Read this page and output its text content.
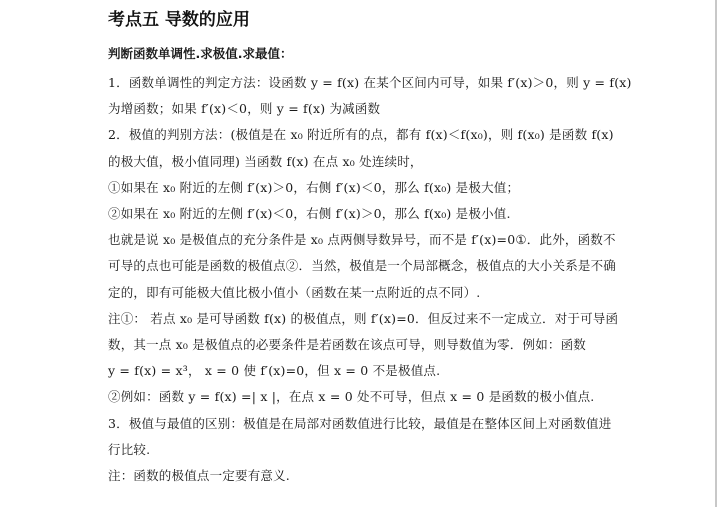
考点五 导数的应用
判断函数单调性.求极值.求最值：
1．函数单调性的判定方法：设函数 y = f(x) 在某个区间内可导，如果 f′(x)＞0，则 y = f(x)
为增函数；如果 f′(x)＜0，则 y = f(x) 为减函数
2．极值的判别方法：(极值是在 x₀ 附近所有的点，都有 f(x)＜f(x₀)，则 f(x₀) 是函数 f(x)
的极大值，极小值同理) 当函数 f(x) 在点 x₀ 处连续时，
①如果在 x₀ 附近的左侧 f′(x)＞0，右侧 f′(x)＜0，那么 f(x₀) 是极大值；
②如果在 x₀ 附近的左侧 f′(x)＜0，右侧 f′(x)＞0，那么 f(x₀) 是极小值.
也就是说 x₀ 是极值点的充分条件是 x₀ 点两侧导数异号，而不是 f′(x)=0①．此外，函数不
可导的点也可能是函数的极值点②．当然，极值是一个局部概念，极值点的大小关系是不确
定的，即有可能极大值比极小值小（函数在某一点附近的点不同）.
注①： 若点 x₀ 是可导函数 f(x) 的极值点，则 f′(x)=0．但反过来不一定成立．对于可导函
数，其一点 x₀ 是极值点的必要条件是若函数在该点可导，则导数值为零．例如：函数
y = f(x) = x³， x = 0 使 f′(x)=0，但 x = 0 不是极值点.
②例如：函数 y = f(x) =| x |，在点 x = 0 处不可导，但点 x = 0 是函数的极小值点.
3．极值与最值的区别：极值是在局部对函数值进行比较，最值是在整体区间上对函数值进
行比较.
注：函数的极值点一定要有意义.
